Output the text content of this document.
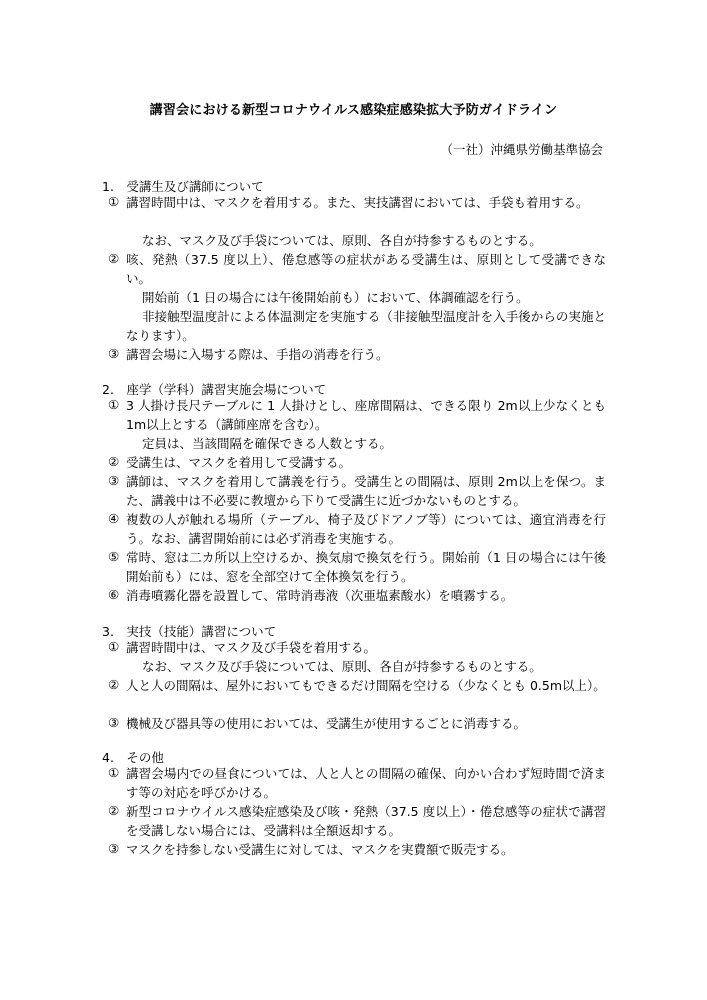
講習会における新型コロナウイルス感染症感染拡大予防ガイドライン
（一社）沖縄県労働基準協会
1.　受講生及び講師について
① 講習時間中は、マスクを着用する。また、実技講習においては、手袋も着用する。
なお、マスク及び手袋については、原則、各自が持参するものとする。
② 咳、発熱（37.5 度以上）、倦怠感等の症状がある受講生は、原則として受講できない。
開始前（1 日の場合には午後開始前も）において、体調確認を行う。
非接触型温度計による体温測定を実施する（非接触型温度計を入手後からの実施となります）。
③ 講習会場に入場する際は、手指の消毒を行う。
2.　座学（学科）講習実施会場について
① 3 人掛け長尺テーブルに 1 人掛けとし、座席間隔は、できる限り 2m以上少なくとも 1m以上とする（講師座席を含む）。
定員は、当該間隔を確保できる人数とする。
② 受講生は、マスクを着用して受講する。
③ 講師は、マスクを着用して講義を行う。受講生との間隔は、原則 2m以上を保つ。また、講義中は不必要に教壇から下りて受講生に近づかないものとする。
④ 複数の人が触れる場所（テーブル、椅子及びドアノブ等）については、適宜消毒を行う。なお、講習開始前には必ず消毒を実施する。
⑤ 常時、窓は二カ所以上空けるか、換気扇で換気を行う。開始前（1 日の場合には午後開始前も）には、窓を全部空けて全体換気を行う。
⑥ 消毒噴霧化器を設置して、常時消毒液（次亜塩素酸水）を噴霧する。
3.　実技（技能）講習について
① 講習時間中は、マスク及び手袋を着用する。
なお、マスク及び手袋については、原則、各自が持参するものとする。
② 人と人の間隔は、屋外においてもできるだけ間隔を空ける（少なくとも 0.5m以上）。
③ 機械及び器具等の使用においては、受講生が使用するごとに消毒する。
4.　その他
① 講習会場内での昼食については、人と人との間隔の確保、向かい合わず短時間で済ます等の対応を呼びかける。
② 新型コロナウイルス感染症感染及び咳・発熱（37.5 度以上）・倦怠感等の症状で講習を受講しない場合には、受講料は全額返却する。
③ マスクを持参しない受講生に対しては、マスクを実費額で販売する。
